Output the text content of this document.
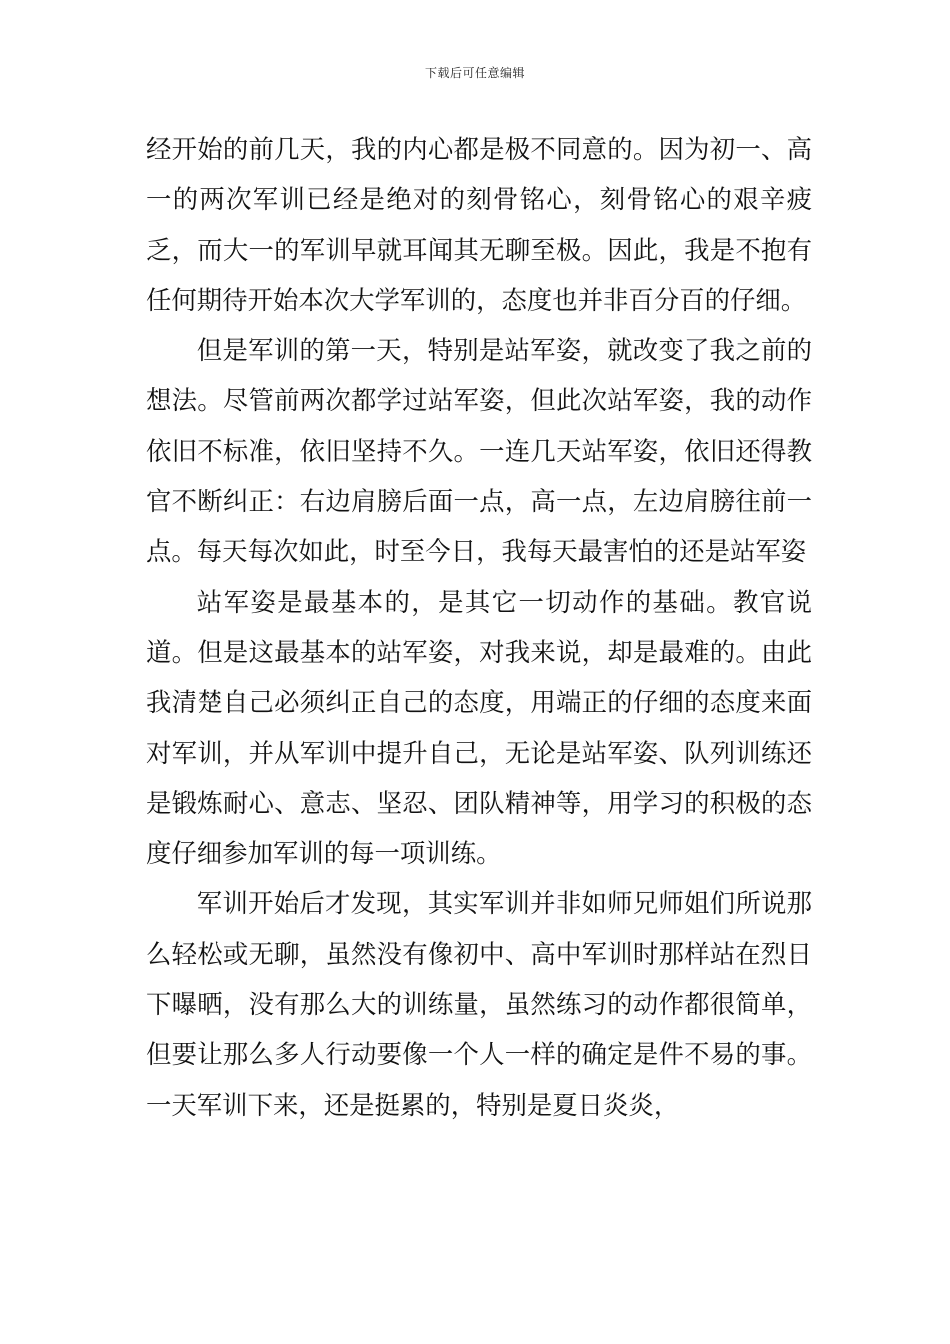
下载后可任意编辑

经开始的前几天，我的内心都是极不同意的。因为初一、高一的两次军训已经是绝对的刻骨铭心，刻骨铭心的艰辛疲乏，而大一的军训早就耳闻其无聊至极。因此，我是不抱有任何期待开始本次大学军训的，态度也并非百分百的仔细。

但是军训的第一天，特别是站军姿，就改变了我之前的想法。尽管前两次都学过站军姿，但此次站军姿，我的动作依旧不标准，依旧坚持不久。一连几天站军姿，依旧还得教官不断纠正：右边肩膀后面一点，高一点，左边肩膀往前一点。每天每次如此，时至今日，我每天最害怕的还是站军姿

站军姿是最基本的，是其它一切动作的基础。教官说道。但是这最基本的站军姿，对我来说，却是最难的。由此我清楚自己必须纠正自己的态度，用端正的仔细的态度来面对军训，并从军训中提升自己，无论是站军姿、队列训练还是锻炼耐心、意志、坚忍、团队精神等，用学习的积极的态度仔细参加军训的每一项训练。

军训开始后才发现，其实军训并非如师兄师姐们所说那么轻松或无聊，虽然没有像初中、高中军训时那样站在烈日下曝晒，没有那么大的训练量，虽然练习的动作都很简单，但要让那么多人行动要像一个人一样的确定是件不易的事。一天军训下来，还是挺累的，特别是夏日炎炎，
